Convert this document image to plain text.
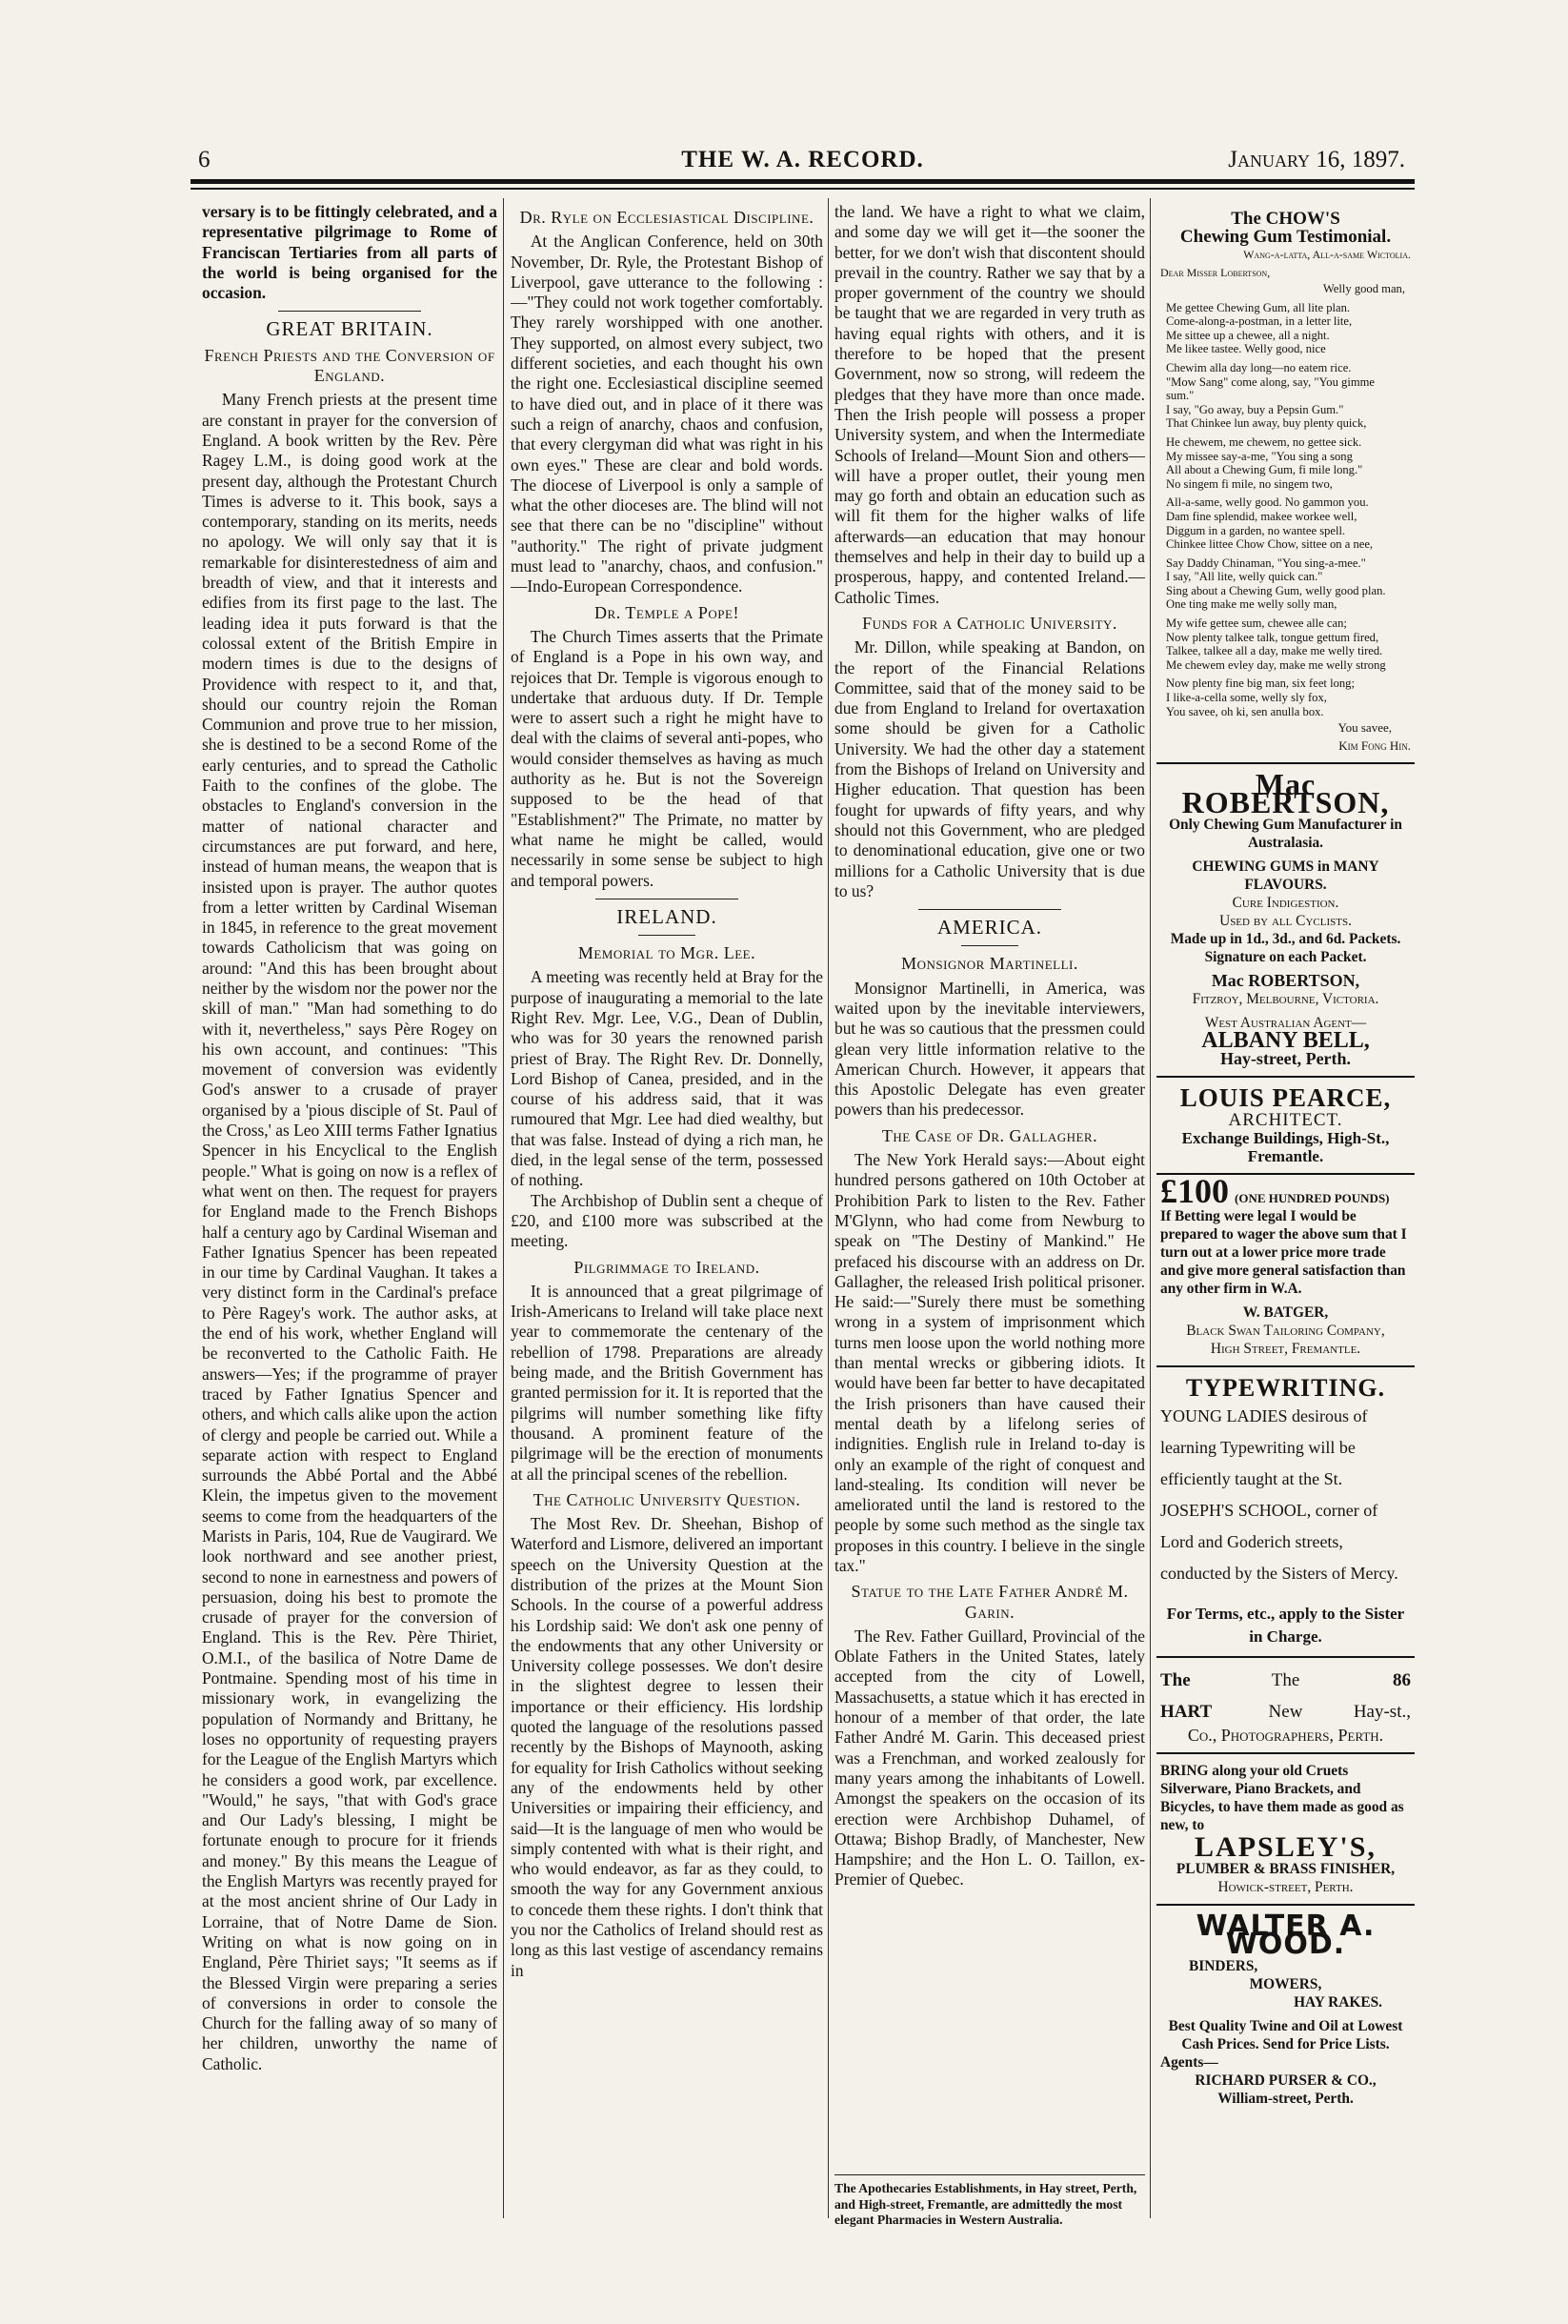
6	THE W. A. RECORD.	January 16, 1897.

versary is to be fittingly celebrated, and a representative pilgrimage to Rome of Franciscan Tertiaries from all parts of the world is being organised for the occasion.

GREAT BRITAIN.
French Priests and the Conversion of England.

Many French priests at the present time are constant in prayer for the conversion of England. A book written by the Rev. Père Ragey L.M., is doing good work at the present day, although the Protestant Church Times is adverse to it. This book, says a contemporary, standing on its merits, needs no apology. We will only say that it is remarkable for disinterestedness of aim and breadth of view, and that it interests and edifies from its first page to the last. The leading idea it puts forward is that the colossal extent of the British Empire in modern times is due to the designs of Providence with respect to it, and that, should our country rejoin the Roman Communion and prove true to her mission, she is destined to be a second Rome of the early centuries, and to spread the Catholic Faith to the confines of the globe. The obstacles to England's conversion in the matter of national character and circumstances are put forward, and here, instead of human means, the weapon that is insisted upon is prayer. The author quotes from a letter written by Cardinal Wiseman in 1845, in reference to the great movement towards Catholicism that was going on around: "And this has been brought about neither by the wisdom nor the power nor the skill of man." "Man had something to do with it, nevertheless," says Père Rogey on his own account, and continues: "This movement of conversion was evidently God's answer to a crusade of prayer organised by a 'pious disciple of St. Paul of the Cross,' as Leo XIII terms Father Ignatius Spencer in his Encyclical to the English people." What is going on now is a reflex of what went on then. The request for prayers for England made to the French Bishops half a century ago by Cardinal Wiseman and Father Ignatius Spencer has been repeated in our time by Cardinal Vaughan. It takes a very distinct form in the Cardinal's preface to Père Ragey's work. The author asks, at the end of his work, whether England will be reconverted to the Catholic Faith. He answers—Yes; if the programme of prayer traced by Father Ignatius Spencer and others, and which calls alike upon the action of clergy and people be carried out. While a separate action with respect to England surrounds the Abbé Portal and the Abbé Klein, the impetus given to the movement seems to come from the headquarters of the Marists in Paris, 104, Rue de Vaugirard. We look northward and see another priest, second to none in earnestness and powers of persuasion, doing his best to promote the crusade of prayer for the conversion of England. This is the Rev. Père Thiriet, O.M.I., of the basilica of Notre Dame de Pontmaine. Spending most of his time in missionary work, in evangelizing the population of Normandy and Brittany, he loses no opportunity of requesting prayers for the League of the English Martyrs which he considers a good work, par excellence. "Would," he says, "that with God's grace and Our Lady's blessing, I might be fortunate enough to procure for it friends and money." By this means the League of the English Martyrs was recently prayed for at the most ancient shrine of Our Lady in Lorraine, that of Notre Dame de Sion. Writing on what is now going on in England, Père Thiriet says; "It seems as if the Blessed Virgin were preparing a series of conversions in order to console the Church for the falling away of so many of her children, unworthy the name of Catholic.

Dr. Ryle on Ecclesiastical Discipline.

At the Anglican Conference, held on 30th November, Dr. Ryle, the Protestant Bishop of Liverpool, gave utterance to the following :—"They could not work together comfortably. They rarely worshipped with one another. They supported, on almost every subject, two different societies, and each thought his own the right one. Ecclesiastical discipline seemed to have died out, and in place of it there was such a reign of anarchy, chaos and confusion, that every clergyman did what was right in his own eyes." These are clear and bold words. The diocese of Liverpool is only a sample of what the other dioceses are. The blind will not see that there can be no "discipline" without "authority." The right of private judgment must lead to "anarchy, chaos, and confusion." —Indo-European Correspondence.

Dr. Temple a Pope!

The Church Times asserts that the Primate of England is a Pope in his own way, and rejoices that Dr. Temple is vigorous enough to undertake that arduous duty. If Dr. Temple were to assert such a right he might have to deal with the claims of several anti-popes, who would consider themselves as having as much authority as he. But is not the Sovereign supposed to be the head of that "Establishment?" The Primate, no matter by what name he might be called, would necessarily in some sense be subject to high and temporal powers.

IRELAND.
Memorial to Mgr. Lee.

A meeting was recently held at Bray for the purpose of inaugurating a memorial to the late Right Rev. Mgr. Lee, V.G., Dean of Dublin, who was for 30 years the renowned parish priest of Bray. The Right Rev. Dr. Donnelly, Lord Bishop of Canea, presided, and in the course of his address said, that it was rumoured that Mgr. Lee had died wealthy, but that was false. Instead of dying a rich man, he died, in the legal sense of the term, possessed of nothing.

The Archbishop of Dublin sent a cheque of £20, and £100 more was subscribed at the meeting.

Pilgrimmage to Ireland.

It is announced that a great pilgrimage of Irish-Americans to Ireland will take place next year to commemorate the centenary of the rebellion of 1798. Preparations are already being made, and the British Government has granted permission for it. It is reported that the pilgrims will number something like fifty thousand. A prominent feature of the pilgrimage will be the erection of monuments at all the principal scenes of the rebellion.

The Catholic University Question.

The Most Rev. Dr. Sheehan, Bishop of Waterford and Lismore, delivered an important speech on the University Question at the distribution of the prizes at the Mount Sion Schools. In the course of a powerful address his Lordship said: We don't ask one penny of the endowments that any other University or University college possesses. We don't desire in the slightest degree to lessen their importance or their efficiency. His lordship quoted the language of the resolutions passed recently by the Bishops of Maynooth, asking for equality for Irish Catholics without seeking any of the endowments held by other Universities or impairing their efficiency, and said—It is the language of men who would be simply contented with what is their right, and who would endeavor, as far as they could, to smooth the way for any Government anxious to concede them these rights. I don't think that you nor the Catholics of Ireland should rest as long as this last vestige of ascendancy remains in

the land. We have a right to what we claim, and some day we will get it—the sooner the better, for we don't wish that discontent should prevail in the country. Rather we say that by a proper government of the country we should be taught that we are regarded in very truth as having equal rights with others, and it is therefore to be hoped that the present Government, now so strong, will redeem the pledges that they have more than once made. Then the Irish people will possess a proper University system, and when the Intermediate Schools of Ireland—Mount Sion and others—will have a proper outlet, their young men may go forth and obtain an education such as will fit them for the higher walks of life afterwards—an education that may honour themselves and help in their day to build up a prosperous, happy, and contented Ireland.—Catholic Times.

Funds for a Catholic University.

Mr. Dillon, while speaking at Bandon, on the report of the Financial Relations Committee, said that of the money said to be due from England to Ireland for overtaxation some should be given for a Catholic University. We had the other day a statement from the Bishops of Ireland on University and Higher education. That question has been fought for upwards of fifty years, and why should not this Government, who are pledged to denominational education, give one or two millions for a Catholic University that is due to us?

AMERICA.
Monsignor Martinelli.

Monsignor Martinelli, in America, was waited upon by the inevitable interviewers, but he was so cautious that the pressmen could glean very little information relative to the American Church. However, it appears that this Apostolic Delegate has even greater powers than his predecessor.

The Case of Dr. Gallagher.

The New York Herald says:—About eight hundred persons gathered on 10th October at Prohibition Park to listen to the Rev. Father M'Glynn, who had come from Newburg to speak on "The Destiny of Mankind." He prefaced his discourse with an address on Dr. Gallagher, the released Irish political prisoner. He said:—"Surely there must be something wrong in a system of imprisonment which turns men loose upon the world nothing more than mental wrecks or gibbering idiots. It would have been far better to have decapitated the Irish prisoners than have caused their mental death by a lifelong series of indignities. English rule in Ireland to-day is only an example of the right of conquest and land-stealing. Its condition will never be ameliorated until the land is restored to the people by some such method as the single tax proposes in this country. I believe in the single tax."

Statue to the Late Father André M. Garin.

The Rev. Father Guillard, Provincial of the Oblate Fathers in the United States, lately accepted from the city of Lowell, Massachusetts, a statue which it has erected in honour of a member of that order, the late Father André M. Garin. This deceased priest was a Frenchman, and worked zealously for many years among the inhabitants of Lowell. Amongst the speakers on the occasion of its erection were Archbishop Duhamel, of Ottawa; Bishop Bradly, of Manchester, New Hampshire; and the Hon L. O. Taillon, ex-Premier of Quebec.

The Apothecaries Establishments, in Hay street, Perth, and High-street, Fremantle, are admittedly the most elegant Pharmacies in Western Australia.
The CHOW'S
Chewing Gum Testimonial.
Wang-a-latta, All-a-same Wictolia.
Dear Misser Lobertson,
Welly good man,
Me gettee Chewing Gum, all lite plan.
Come-along-a-postman, in a letter lite,
Me sittee up a chewee, all a night.
Me likee tastee. Welly good, nice
Chewim alla day long—no eatem rice.
"Mow Sang" come along, say, "You gimme sum."
I say, "Go away, buy a Pepsin Gum."
That Chinkee lun away, buy plenty quick,
He chewem, me chewem, no gettee sick.
My missee say-a-me, "You sing a song
All about a Chewing Gum, fi mile long."
No singem fi mile, no singem two,
All-a-same, welly good. No gammon you.
Dam fine splendid, makee workee well,
Diggum in a garden, no wantee spell.
Chinkee littee Chow Chow, sittee on a nee,
Say Daddy Chinaman, "You sing-a-mee."
I say, "All lite, welly quick can."
Sing about a Chewing Gum, welly good plan.
One ting make me welly solly man,
My wife gettee sum, chewee alle can;
Now plenty talkee talk, tongue gettum fired,
Talkee, talkee all a day, make me welly tired.
Me chewem evley day, make me welly strong
Now plenty fine big man, six feet long;
I like-a-cella some, welly sly fox,
You savee, oh ki, sen anulla box.
You savee,
Kim Fong Hin.
Mac ROBERTSON,
Only Chewing Gum Manufacturer in Australasia.
CHEWING GUMS in MANY FLAVOURS.
Cure Indigestion.
Used by all Cyclists.
Made up in 1d., 3d., and 6d. Packets.
Signature on each Packet.
Mac ROBERTSON,
Fitzroy, Melbourne, Victoria.
West Australian Agent—
ALBANY BELL,
Hay-street, Perth.
LOUIS PEARCE,
ARCHITECT.
Exchange Buildings, High-St.,
Fremantle.
£100 (ONE HUNDRED POUNDS)
If Betting were legal I would be prepared to wager the above sum that I turn out at a lower price more trade and give more general satisfaction than any other firm in W.A.
W. BATGER,
Black Swan Tailoring Company,
High Street, Fremantle.
TYPEWRITING.
YOUNG LADIES desirous of learning Typewriting will be efficiently taught at the St. JOSEPH'S SCHOOL, corner of Lord and Goderich streets, conducted by the Sisters of Mercy.
For Terms, etc., apply to the Sister in Charge.
The	The	86
HART	New	Hay-st.,
Co., Photographers, Perth.
BRING along your old Cruets Silverware, Piano Brackets, and Bicycles, to have them made as good as new, to
LAPSLEY'S,
PLUMBER & BRASS FINISHER,
Howick-street, Perth.
WALTER A. WOOD.
BINDERS,
MOWERS,
HAY RAKES.
Best Quality Twine and Oil at Lowest Cash Prices. Send for Price Lists.
Agents—
RICHARD PURSER & CO.,
William-street, Perth.
